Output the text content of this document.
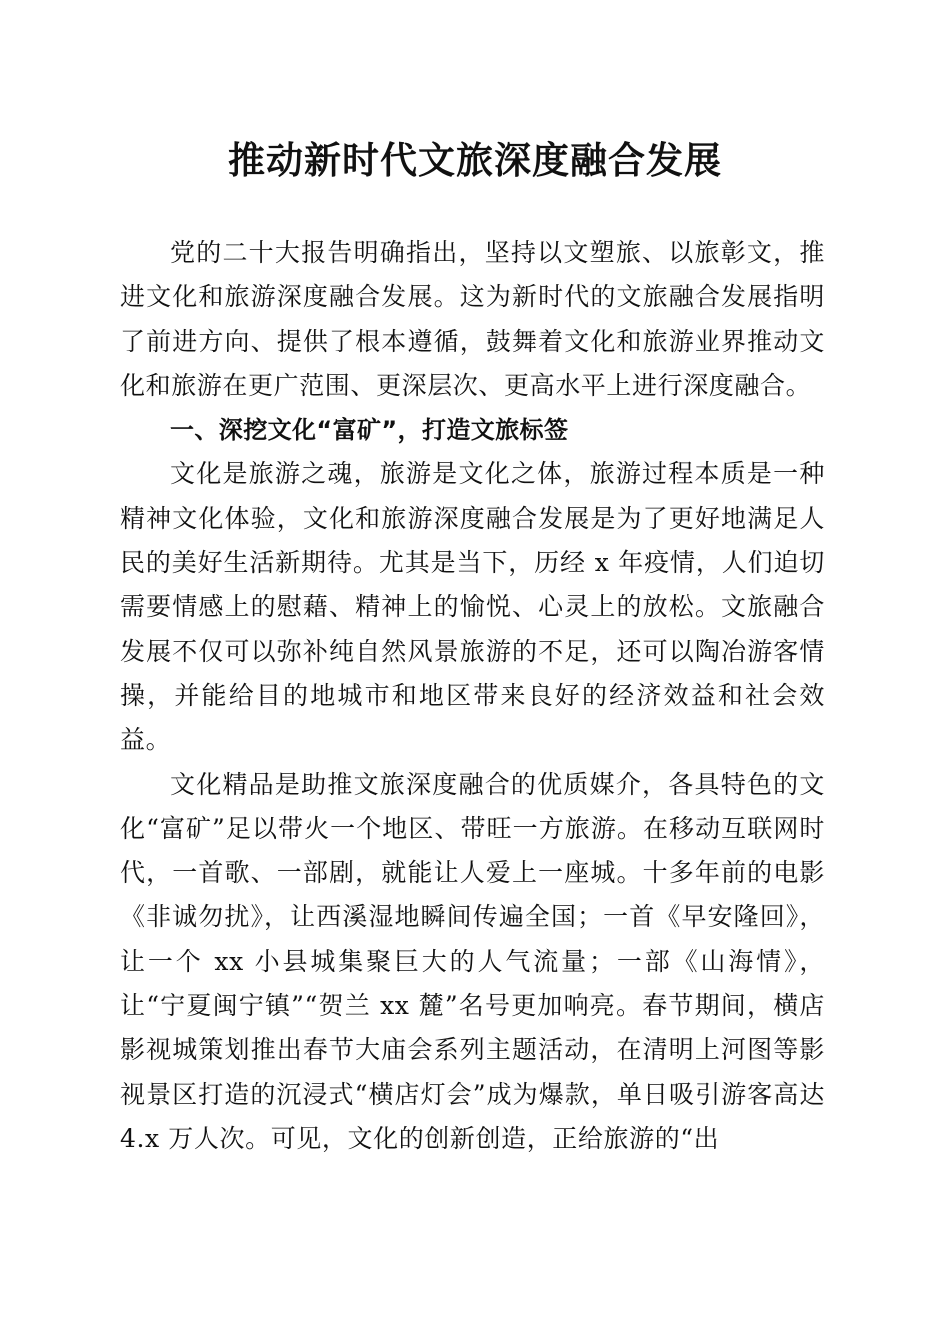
推动新时代文旅深度融合发展

党的二十大报告明确指出，坚持以文塑旅、以旅彰文，推进文化和旅游深度融合发展。这为新时代的文旅融合发展指明了前进方向、提供了根本遵循，鼓舞着文化和旅游业界推动文化和旅游在更广范围、更深层次、更高水平上进行深度融合。

一、深挖文化“富矿”，打造文旅标签

文化是旅游之魂，旅游是文化之体，旅游过程本质是一种精神文化体验，文化和旅游深度融合发展是为了更好地满足人民的美好生活新期待。尤其是当下，历经 x 年疫情，人们迫切需要情感上的慰藉、精神上的愉悦、心灵上的放松。文旅融合发展不仅可以弥补纯自然风景旅游的不足，还可以陶冶游客情操，并能给目的地城市和地区带来良好的经济效益和社会效益。

文化精品是助推文旅深度融合的优质媒介，各具特色的文化“富矿”足以带火一个地区、带旺一方旅游。在移动互联网时代，一首歌、一部剧，就能让人爱上一座城。十多年前的电影《非诚勿扰》，让西溪湿地瞬间传遍全国；一首《早安隆回》，让一个 xx 小县城集聚巨大的人气流量；一部《山海情》，让“宁夏闽宁镇”“贺兰 xx 麓”名号更加响亮。春节期间，横店影视城策划推出春节大庙会系列主题活动，在清明上河图等影视景区打造的沉浸式“横店灯会”成为爆款，单日吸引游客高达 4.x 万人次。可见，文化的创新创造，正给旅游的“出
